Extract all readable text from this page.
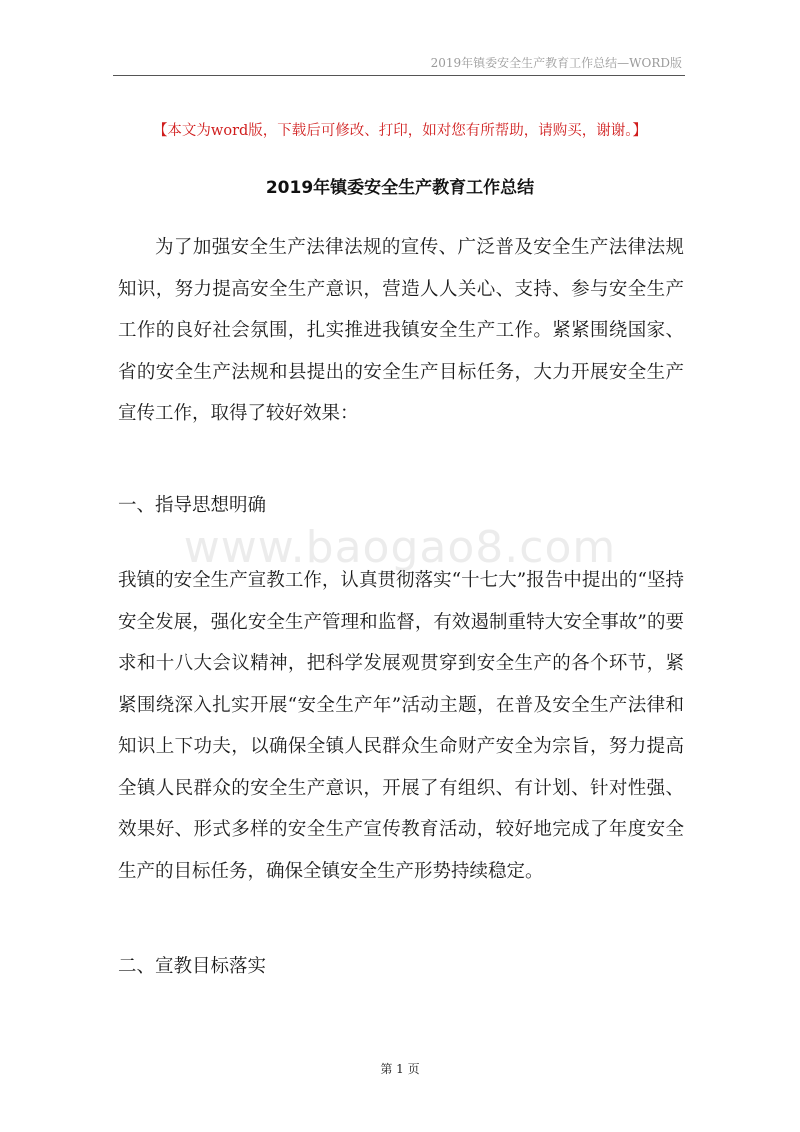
2019年镇委安全生产教育工作总结—WORD版
【本文为word版，下载后可修改、打印，如对您有所帮助，请购买，谢谢。】
2019年镇委安全生产教育工作总结

为了加强安全生产法律法规的宣传、广泛普及安全生产法律法规知识，努力提高安全生产意识，营造人人关心、支持、参与安全生产工作的良好社会氛围，扎实推进我镇安全生产工作。紧紧围绕国家、省的安全生产法规和县提出的安全生产目标任务，大力开展安全生产宣传工作，取得了较好效果：

一、指导思想明确

www.baogao8.com

我镇的安全生产宣教工作，认真贯彻落实“十七大”报告中提出的“坚持安全发展，强化安全生产管理和监督，有效遏制重特大安全事故”的要求和十八大会议精神，把科学发展观贯穿到安全生产的各个环节，紧紧围绕深入扎实开展“安全生产年”活动主题，在普及安全生产法律和知识上下功夫，以确保全镇人民群众生命财产安全为宗旨，努力提高全镇人民群众的安全生产意识，开展了有组织、有计划、针对性强、效果好、形式多样的安全生产宣传教育活动，较好地完成了年度安全生产的目标任务，确保全镇安全生产形势持续稳定。

二、宣教目标落实

第 1 页
